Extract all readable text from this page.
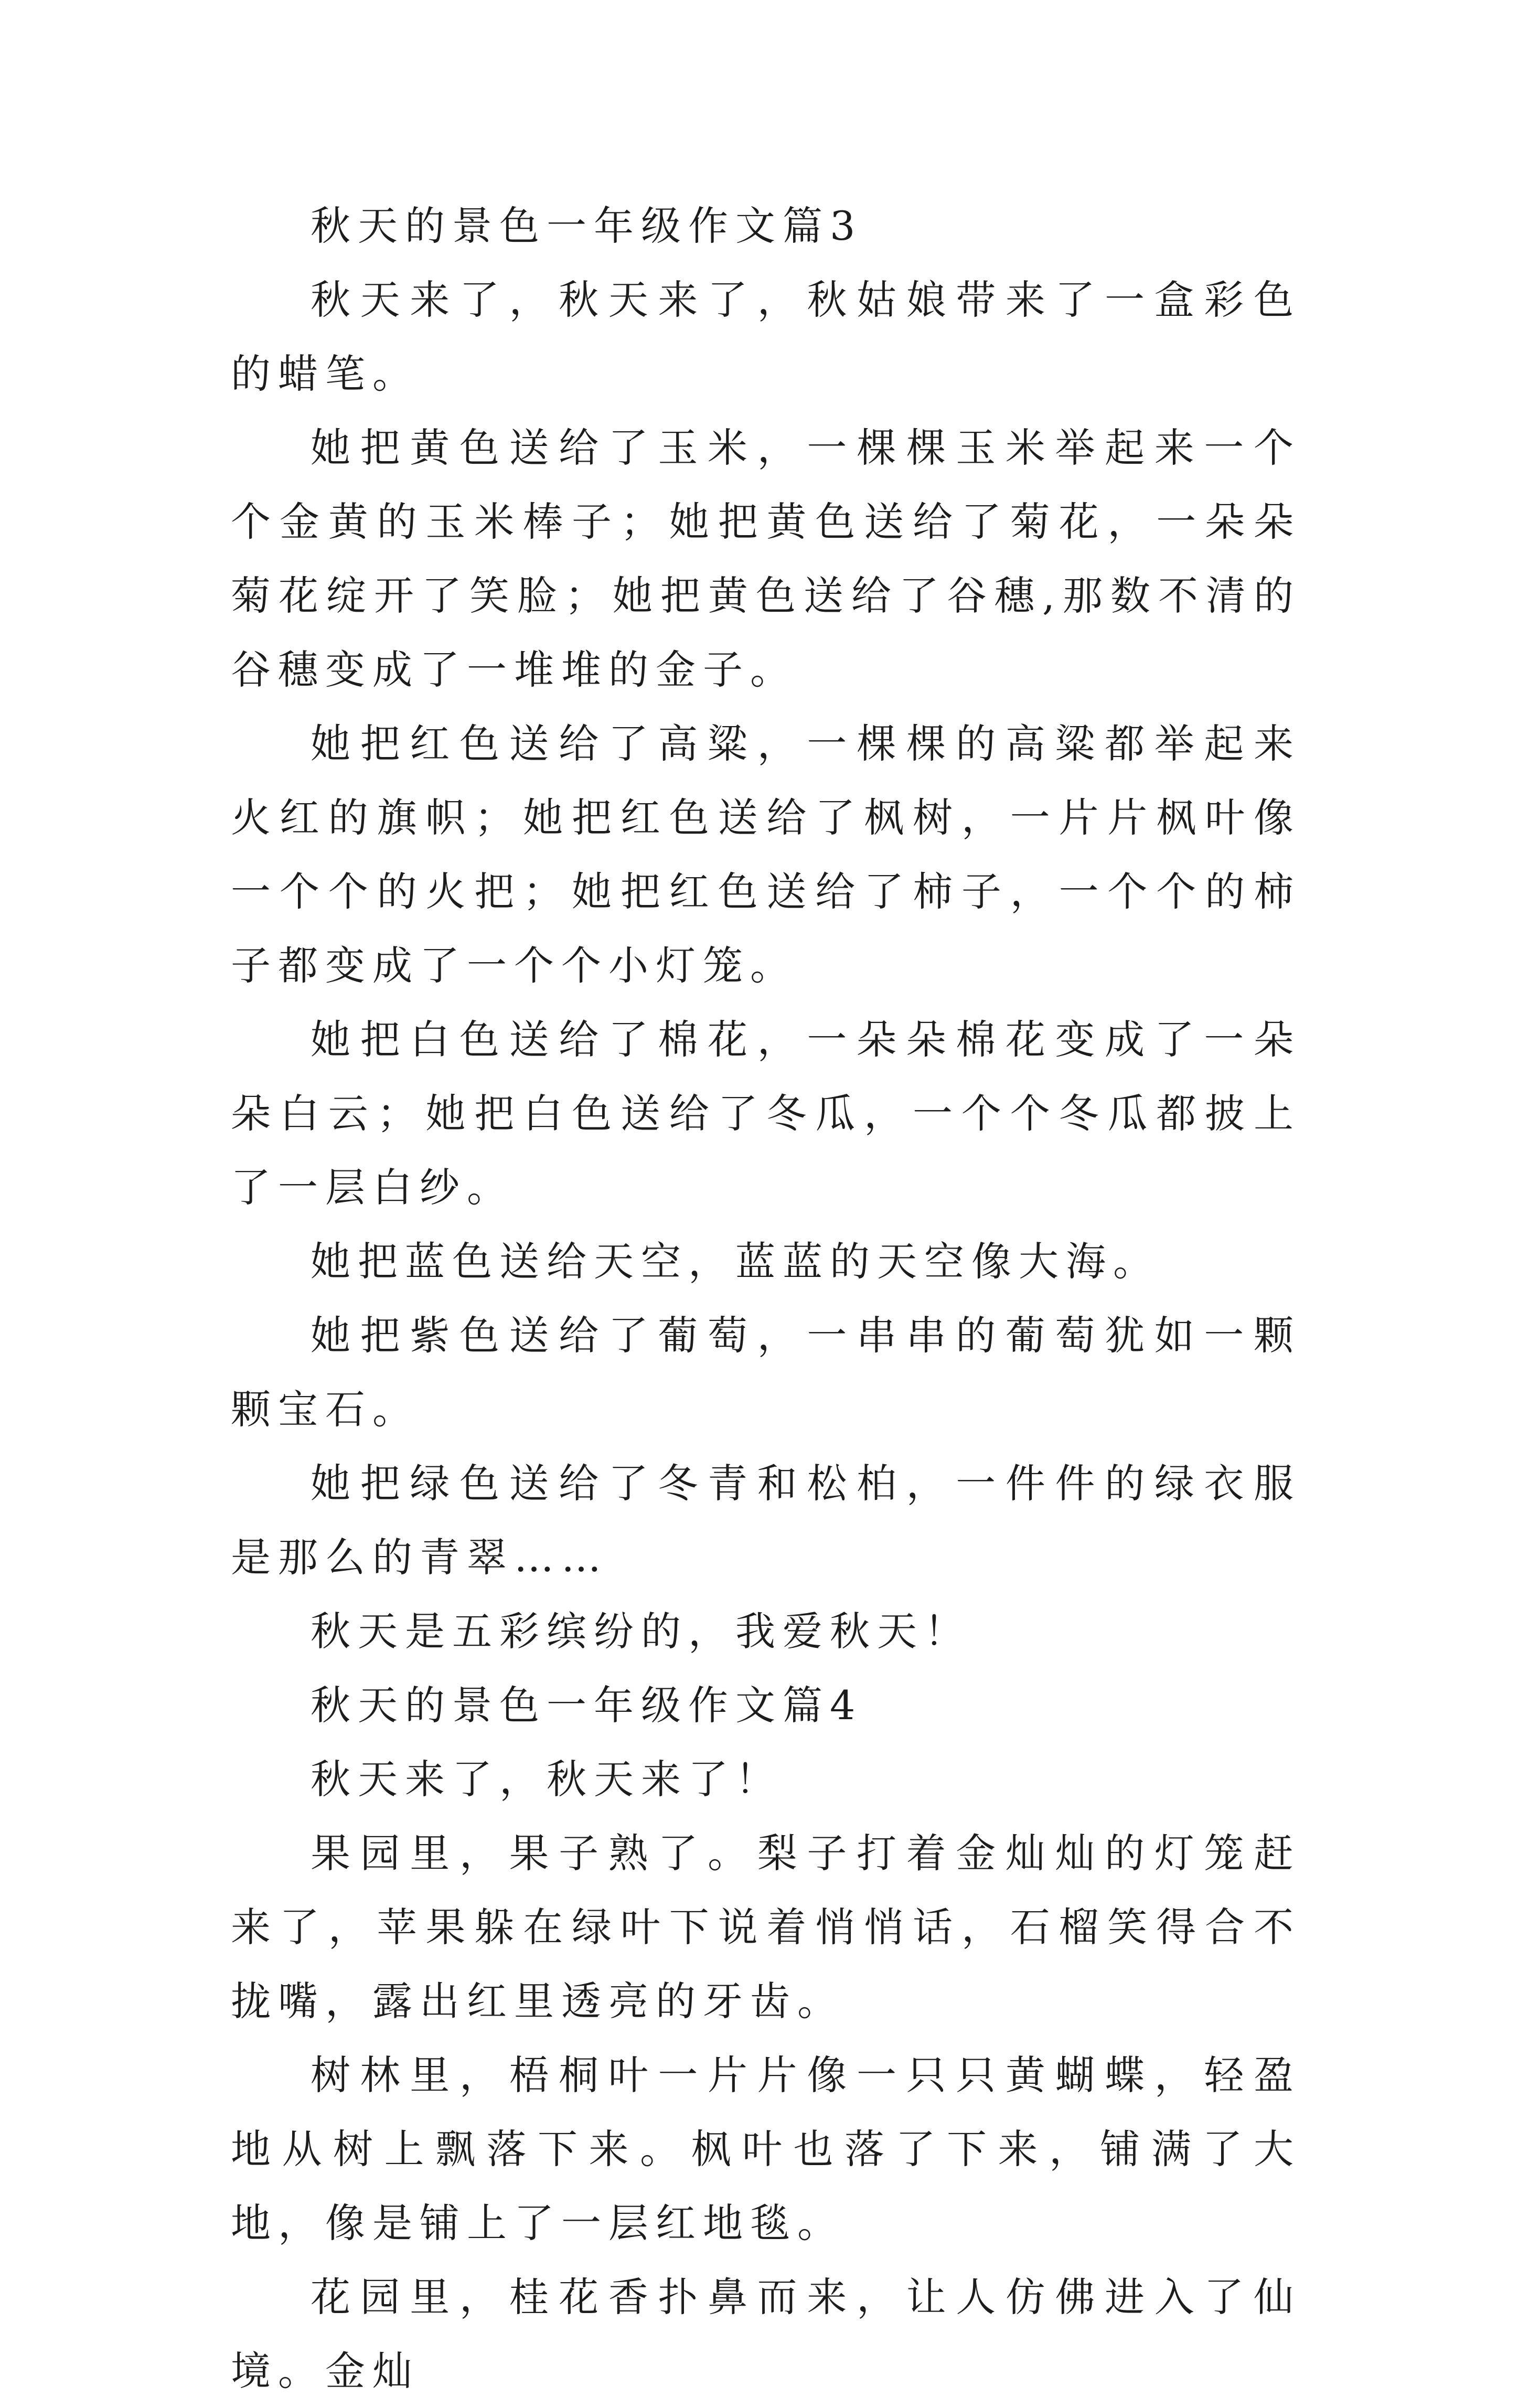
秋天的景色一年级作文篇3

秋天来了，秋天来了，秋姑娘带来了一盒彩色的蜡笔。

她把黄色送给了玉米，一棵棵玉米举起来一个个金黄的玉米棒子；她把黄色送给了菊花，一朵朵菊花绽开了笑脸；她把黄色送给了谷穗,那数不清的谷穗变成了一堆堆的金子。

她把红色送给了高粱，一棵棵的高粱都举起来火红的旗帜；她把红色送给了枫树，一片片枫叶像一个个的火把；她把红色送给了柿子，一个个的柿子都变成了一个个小灯笼。

她把白色送给了棉花，一朵朵棉花变成了一朵朵白云；她把白色送给了冬瓜，一个个冬瓜都披上了一层白纱。

她把蓝色送给天空，蓝蓝的天空像大海。

她把紫色送给了葡萄，一串串的葡萄犹如一颗颗宝石。

她把绿色送给了冬青和松柏，一件件的绿衣服是那么的青翠……

秋天是五彩缤纷的，我爱秋天！

秋天的景色一年级作文篇4

秋天来了，秋天来了！

果园里，果子熟了。梨子打着金灿灿的灯笼赶来了，苹果躲在绿叶下说着悄悄话，石榴笑得合不拢嘴，露出红里透亮的牙齿。

树林里，梧桐叶一片片像一只只黄蝴蝶，轻盈地从树上飘落下来。枫叶也落了下来，铺满了大地，像是铺上了一层红地毯。

花园里，桂花香扑鼻而来，让人仿佛进入了仙境。金灿
